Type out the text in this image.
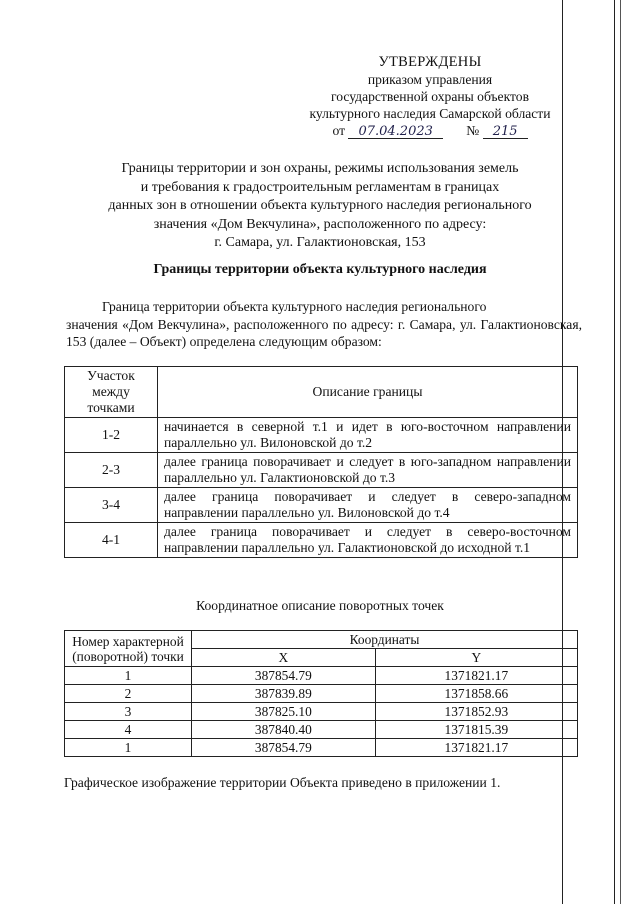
УТВЕРЖДЕНЫ
приказом управления
государственной охраны объектов
культурного наследия Самарской области
от 07.04.2023 № 215
Границы территории и зон охраны, режимы использования земель
и требования к градостроительным регламентам в границах
данных зон в отношении объекта культурного наследия регионального
значения «Дом Векчулина», расположенного по адресу:
г. Самара, ул. Галактионовская, 153
Границы территории объекта культурного наследия
Граница территории объекта культурного наследия регионального
значения «Дом Векчулина», расположенного по адресу: г. Самара, ул. Галактионовская, 153 (далее – Объект) определена следующим образом:
Участок между точками	Описание границы
1-2	начинается в северной т.1 и идет в юго-восточном направлении параллельно ул. Вилоновской до т.2
2-3	далее граница поворачивает и следует в юго-западном направлении параллельно ул. Галактионовской до т.3
3-4	далее граница поворачивает и следует в северо-западном направлении параллельно ул. Вилоновской до т.4
4-1	далее граница поворачивает и следует в северо-восточном направлении параллельно ул. Галактионовской до исходной т.1
Координатное описание поворотных точек
Номер характерной (поворотной) точки	Координаты	
	X	Y
1	387854.79	1371821.17
2	387839.89	1371858.66
3	387825.10	1371852.93
4	387840.40	1371815.39
1	387854.79	1371821.17
Графическое изображение территории Объекта приведено в приложении 1.
